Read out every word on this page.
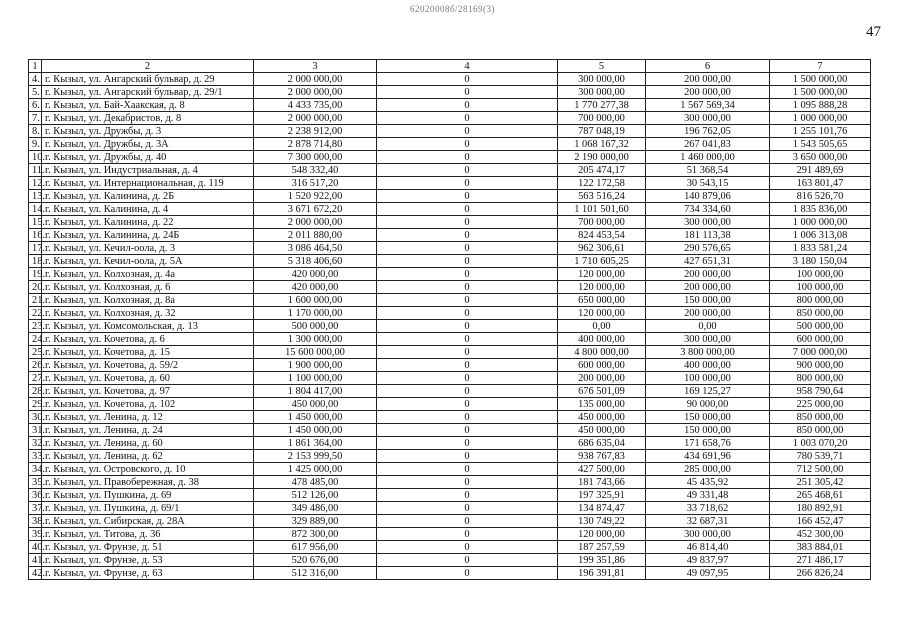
62020008б/28169(3)
47
1	2	3	4	5	6	7
4.	г. Кызыл, ул. Ангарский бульвар, д. 29	2 000 000,00	0	300 000,00	200 000,00	1 500 000,00
5.	г. Кызыл, ул. Ангарский бульвар, д. 29/1	2 000 000,00	0	300 000,00	200 000,00	1 500 000,00
6.	г. Кызыл, ул. Бай-Хаакская, д. 8	4 433 735,00	0	1 770 277,38	1 567 569,34	1 095 888,28
7.	г. Кызыл, ул. Декабристов, д. 8	2 000 000,00	0	700 000,00	300 000,00	1 000 000,00
8.	г. Кызыл, ул. Дружбы, д. 3	2 238 912,00	0	787 048,19	196 762,05	1 255 101,76
9.	г. Кызыл, ул. Дружбы, д. 3А	2 878 714,80	0	1 068 167,32	267 041,83	1 543 505,65
10.	г. Кызыл, ул. Дружбы, д. 40	7 300 000,00	0	2 190 000,00	1 460 000,00	3 650 000,00
11.	г. Кызыл, ул. Индустриальная, д. 4	548 332,40	0	205 474,17	51 368,54	291 489,69
12.	г. Кызыл, ул. Интернациональная, д. 119	316 517,20	0	122 172,58	30 543,15	163 801,47
13.	г. Кызыл, ул. Калинина, д. 2Б	1 520 922,00	0	563 516,24	140 879,06	816 526,70
14.	г. Кызыл, ул. Калинина, д. 4	3 671 672,20	0	1 101 501,60	734 334,60	1 835 836,00
15.	г. Кызыл, ул. Калинина, д. 22	2 000 000,00	0	700 000,00	300 000,00	1 000 000,00
16.	г. Кызыл, ул. Калинина, д. 24Б	2 011 880,00	0	824 453,54	181 113,38	1 006 313,08
17.	г. Кызыл, ул. Кечил-оола, д. 3	3 086 464,50	0	962 306,61	290 576,65	1 833 581,24
18.	г. Кызыл, ул. Кечил-оола, д. 5А	5 318 406,60	0	1 710 605,25	427 651,31	3 180 150,04
19.	г. Кызыл, ул. Колхозная, д. 4а	420 000,00	0	120 000,00	200 000,00	100 000,00
20.	г. Кызыл, ул. Колхозная, д. 6	420 000,00	0	120 000,00	200 000,00	100 000,00
21.	г. Кызыл, ул. Колхозная, д. 8а	1 600 000,00	0	650 000,00	150 000,00	800 000,00
22.	г. Кызыл, ул. Колхозная, д. 32	1 170 000,00	0	120 000,00	200 000,00	850 000,00
23.	г. Кызыл, ул. Комсомольская, д. 13	500 000,00	0	0,00	0,00	500 000,00
24.	г. Кызыл, ул. Кочетова, д. 6	1 300 000,00	0	400 000,00	300 000,00	600 000,00
25.	г. Кызыл, ул. Кочетова, д. 15	15 600 000,00	0	4 800 000,00	3 800 000,00	7 000 000,00
26.	г. Кызыл, ул. Кочетова, д. 59/2	1 900 000,00	0	600 000,00	400 000,00	900 000,00
27.	г. Кызыл, ул. Кочетова, д. 60	1 100 000,00	0	200 000,00	100 000,00	800 000,00
28.	г. Кызыл, ул. Кочетова, д. 97	1 804 417,00	0	676 501,09	169 125,27	958 790,64
29.	г. Кызыл, ул. Кочетова, д. 102	450 000,00	0	135 000,00	90 000,00	225 000,00
30.	г. Кызыл, ул. Ленина, д. 12	1 450 000,00	0	450 000,00	150 000,00	850 000,00
31.	г. Кызыл, ул. Ленина, д. 24	1 450 000,00	0	450 000,00	150 000,00	850 000,00
32.	г. Кызыл, ул. Ленина, д. 60	1 861 364,00	0	686 635,04	171 658,76	1 003 070,20
33.	г. Кызыл, ул. Ленина, д. 62	2 153 999,50	0	938 767,83	434 691,96	780 539,71
34.	г. Кызыл, ул. Островского, д. 10	1 425 000,00	0	427 500,00	285 000,00	712 500,00
35.	г. Кызыл, ул. Правобережная, д. 38	478 485,00	0	181 743,66	45 435,92	251 305,42
36.	г. Кызыл, ул. Пушкина, д. 69	512 126,00	0	197 325,91	49 331,48	265 468,61
37.	г. Кызыл, ул. Пушкина, д. 69/1	349 486,00	0	134 874,47	33 718,62	180 892,91
38.	г. Кызыл, ул. Сибирская, д. 28А	329 889,00	0	130 749,22	32 687,31	166 452,47
39.	г. Кызыл, ул. Титова, д. 36	872 300,00	0	120 000,00	300 000,00	452 300,00
40.	г. Кызыл, ул. Фрунзе, д. 51	617 956,00	0	187 257,59	46 814,40	383 884,01
41.	г. Кызыл, ул. Фрунзе, д. 53	520 676,00	0	199 351,86	49 837,97	271 486,17
42.	г. Кызыл, ул. Фрунзе, д. 63	512 316,00	0	196 391,81	49 097,95	266 826,24
